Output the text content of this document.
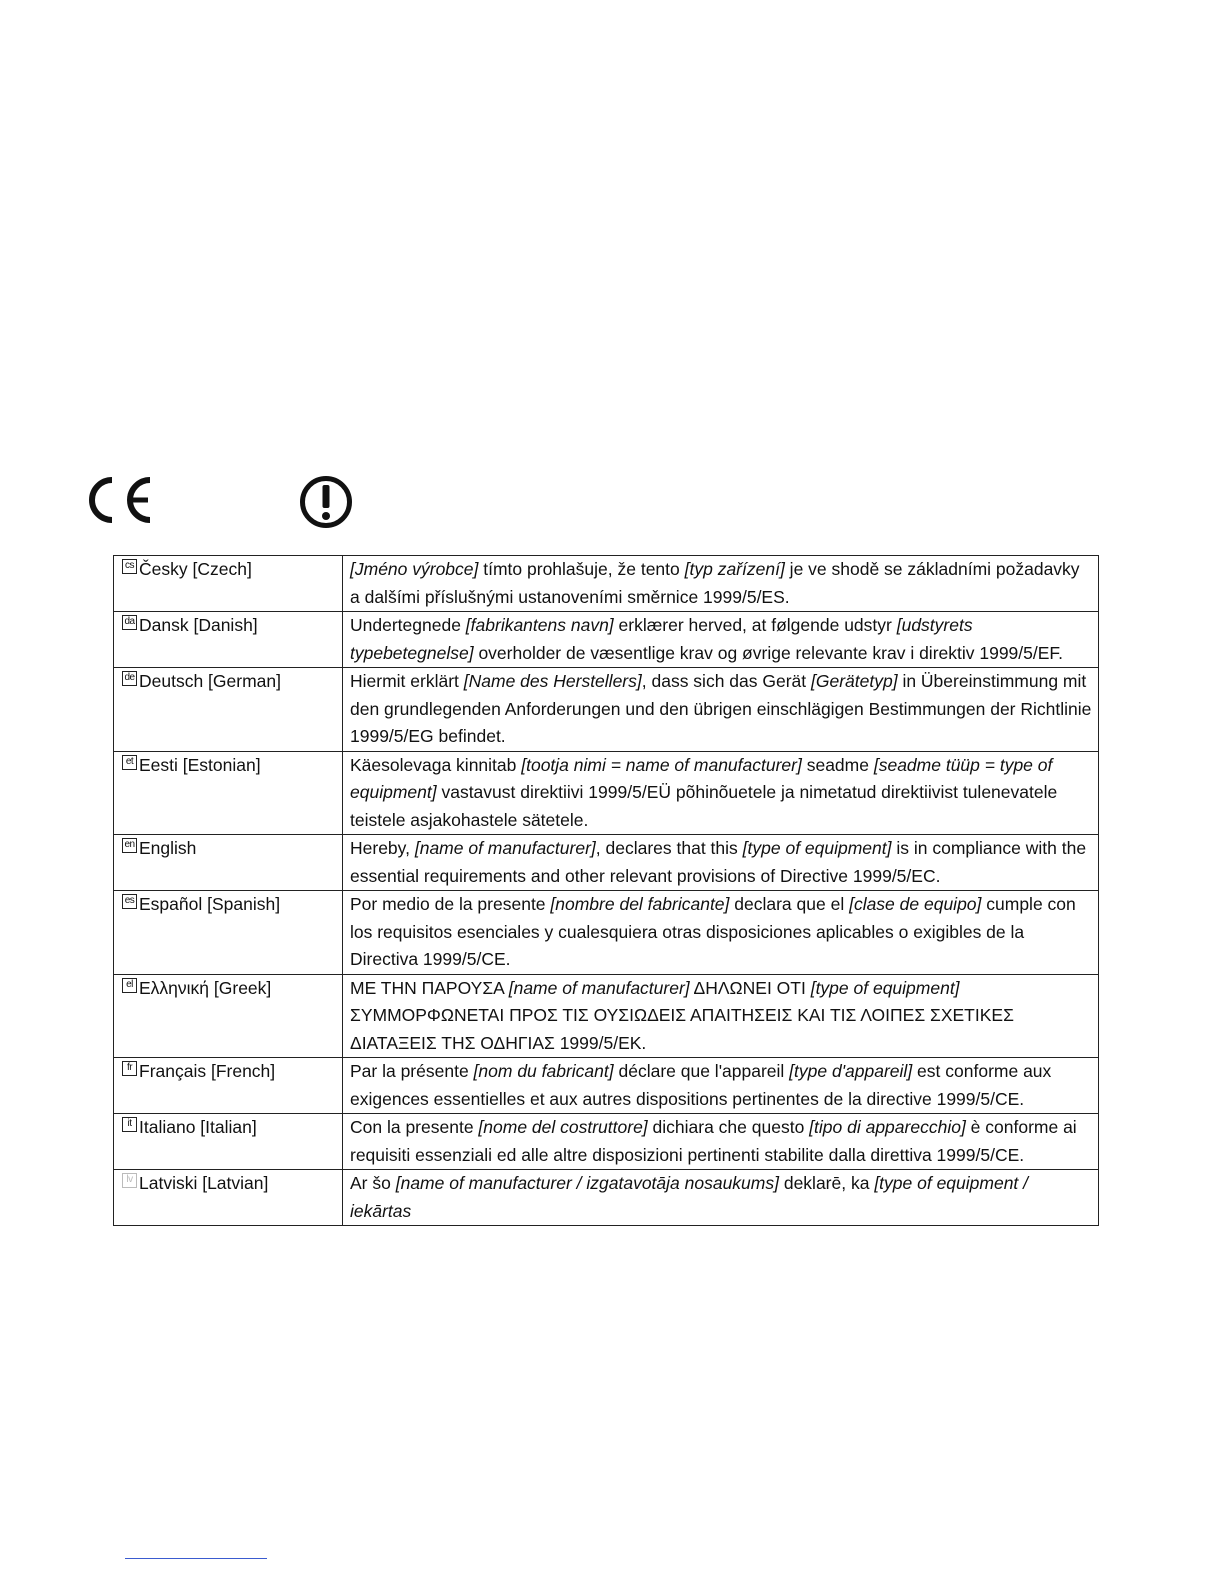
cs Česky [Czech]	[Jméno výrobce] tímto prohlašuje, že tento [typ zařízení] je ve shodě se základními požadavky a dalšími příslušnými ustanoveními směrnice 1999/5/ES.
da Dansk [Danish]	Undertegnede [fabrikantens navn] erklærer herved, at følgende udstyr [udstyrets typebetegnelse] overholder de væsentlige krav og øvrige relevante krav i direktiv 1999/5/EF.
de Deutsch [German]	Hiermit erklärt [Name des Herstellers], dass sich das Gerät [Gerätetyp] in Übereinstimmung mit den grundlegenden Anforderungen und den übrigen einschlägigen Bestimmungen der Richtlinie 1999/5/EG befindet.
et Eesti [Estonian]	Käesolevaga kinnitab [tootja nimi = name of manufacturer] seadme [seadme tüüp = type of equipment] vastavust direktiivi 1999/5/EÜ põhinõuetele ja nimetatud direktiivist tulenevatele teistele asjakohastele sätetele.
en English	Hereby, [name of manufacturer], declares that this [type of equipment] is in compliance with the essential requirements and other relevant provisions of Directive 1999/5/EC.
es Español [Spanish]	Por medio de la presente [nombre del fabricante] declara que el [clase de equipo] cumple con los requisitos esenciales y cualesquiera otras disposiciones aplicables o exigibles de la Directiva 1999/5/CE.
el Ελληνική [Greek]	ΜΕ ΤΗΝ ΠΑΡΟΥΣΑ [name of manufacturer] ΔΗΛΩΝΕΙ ΟΤΙ [type of equipment] ΣΥΜΜΟΡΦΩΝΕΤΑΙ ΠΡΟΣ ΤΙΣ ΟΥΣΙΩΔΕΙΣ ΑΠΑΙΤΗΣΕΙΣ ΚΑΙ ΤΙΣ ΛΟΙΠΕΣ ΣΧΕΤΙΚΕΣ ΔΙΑΤΑΞΕΙΣ ΤΗΣ ΟΔΗΓΙΑΣ 1999/5/ΕΚ.
fr Français [French]	Par la présente [nom du fabricant] déclare que l'appareil [type d'appareil] est conforme aux exigences essentielles et aux autres dispositions pertinentes de la directive 1999/5/CE.
it Italiano [Italian]	Con la presente [nome del costruttore] dichiara che questo [tipo di apparecchio] è conforme ai requisiti essenziali ed alle altre disposizioni pertinenti stabilite dalla direttiva 1999/5/CE.
lv Latviski [Latvian]	Ar šo [name of manufacturer / izgatavotāja nosaukums] deklarē, ka [type of equipment / iekārtas
